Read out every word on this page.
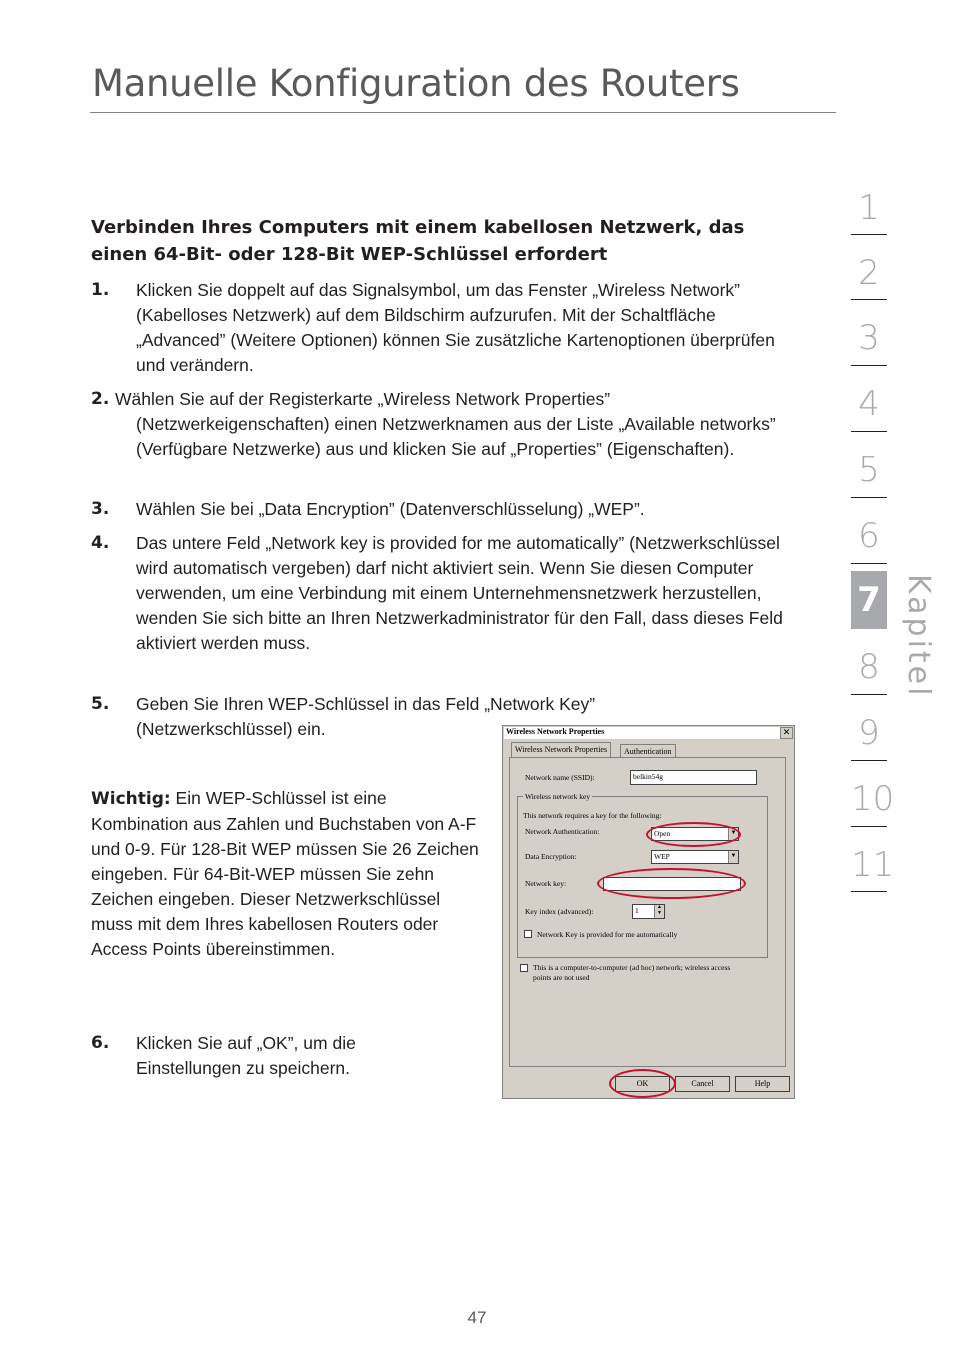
Manuelle Konfiguration des Routers
Verbinden Ihres Computers mit einem kabellosen Netzwerk, das
einen 64-Bit- oder 128-Bit WEP-Schlüssel erfordert
1. Klicken Sie doppelt auf das Signalsymbol, um das Fenster „Wireless Network” (Kabelloses Netzwerk) auf dem Bildschirm aufzurufen. Mit der Schaltfläche „Advanced” (Weitere Optionen) können Sie zusätzliche Kartenoptionen überprüfen und verändern.
2. Wählen Sie auf der Registerkarte „Wireless Network Properties”
(Netzwerkeigenschaften) einen Netzwerknamen aus der Liste „Available networks” (Verfügbare Netzwerke) aus und klicken Sie auf „Properties” (Eigenschaften).
3. Wählen Sie bei „Data Encryption” (Datenverschlüsselung) „WEP”.
4. Das untere Feld „Network key is provided for me automatically” (Netzwerkschlüssel wird automatisch vergeben) darf nicht aktiviert sein. Wenn Sie diesen Computer verwenden, um eine Verbindung mit einem Unternehmensnetzwerk herzustellen, wenden Sie sich bitte an Ihren Netzwerkadministrator für den Fall, dass dieses Feld aktiviert werden muss.
5. Geben Sie Ihren WEP-Schlüssel in das Feld „Network Key” (Netzwerkschlüssel) ein.
Wichtig: Ein WEP-Schlüssel ist eine Kombination aus Zahlen und Buchstaben von A-F und 0-9. Für 128-Bit WEP müssen Sie 26 Zeichen eingeben. Für 64-Bit-WEP müssen Sie zehn Zeichen eingeben. Dieser Netzwerkschlüssel muss mit dem Ihres kabellosen Routers oder Access Points übereinstimmen.
6. Klicken Sie auf „OK”, um die Einstellungen zu speichern.
47
1
2
3
4
5
6
7
8
9
10
11
Kapitel
Wireless Network Properties	✕
Wireless Network Properties	Authentication
Network name (SSID):	belkin54g
Wireless network key
This network requires a key for the following:
Network Authentication:	Open	▼
Data Encryption:	WEP	▼
Network key:
Key index (advanced):	1	▲
▼
Network Key is provided for me automatically
This is a computer-to-computer (ad hoc) network; wireless access
points are not used
OK	Cancel	Help
